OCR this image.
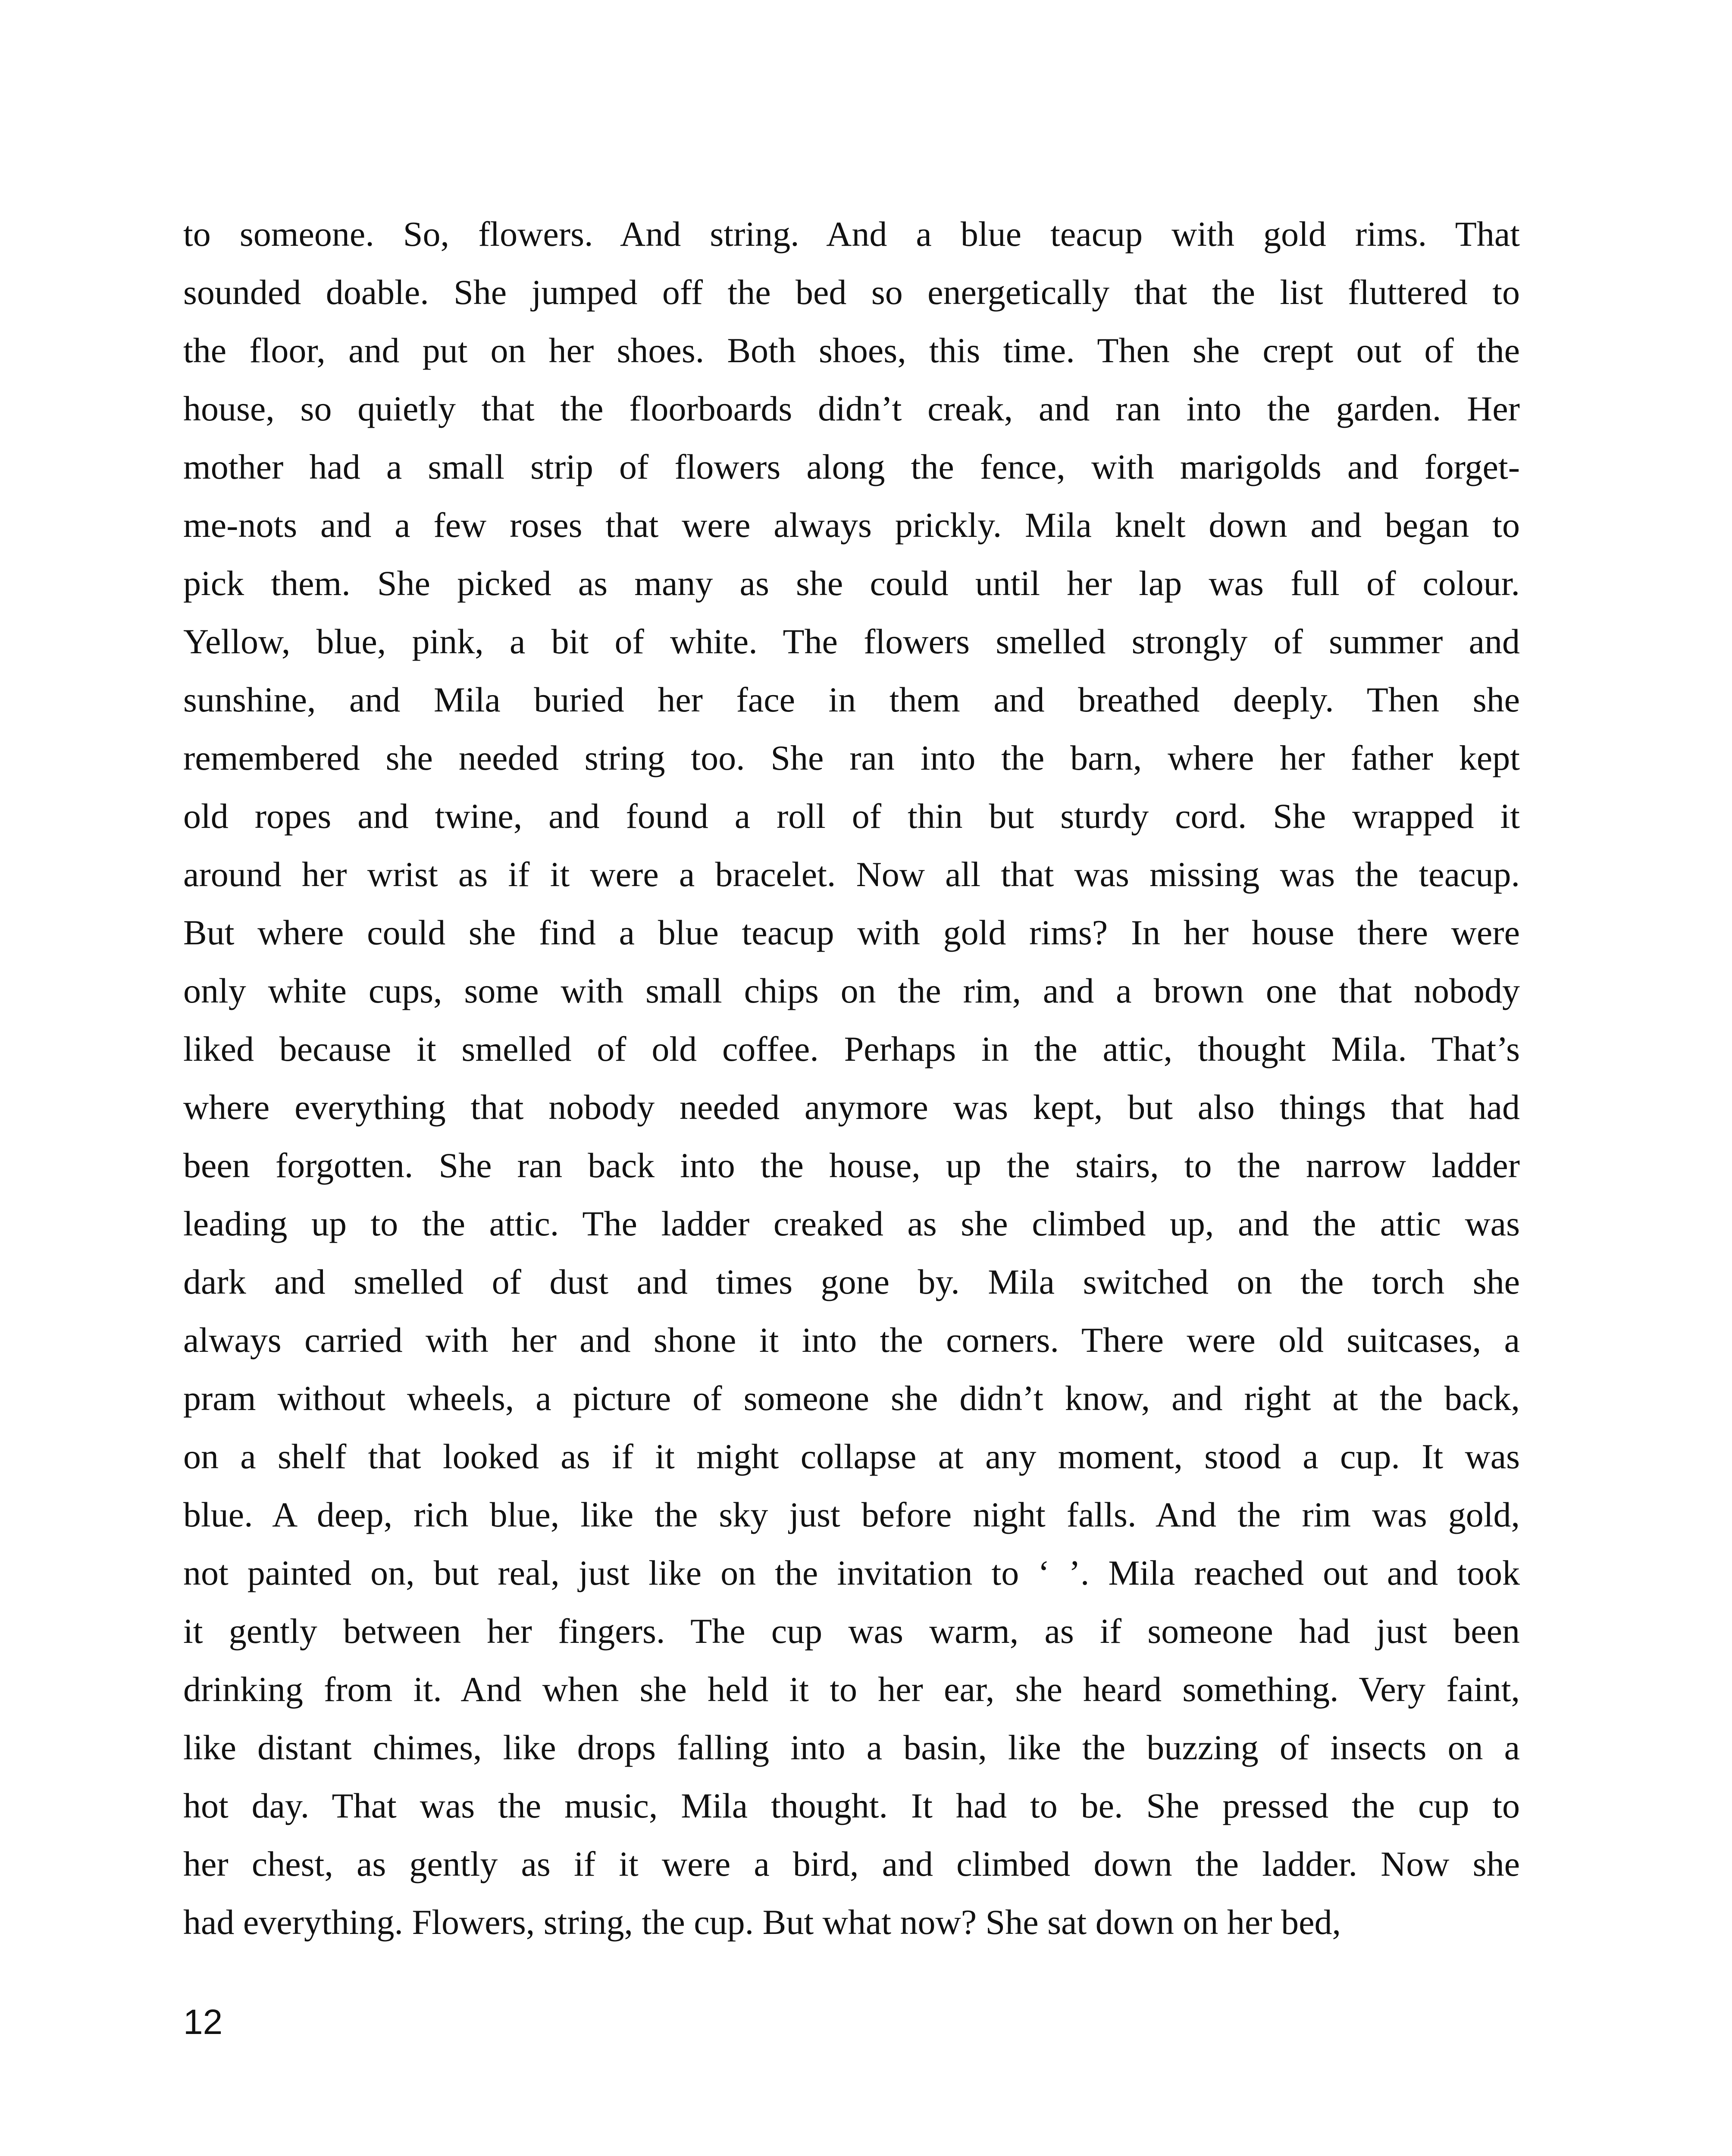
to someone. So, flowers. And string. And a blue teacup with gold rims. That
sounded doable. She jumped off the bed so energetically that the list fluttered to
the floor, and put on her shoes. Both shoes, this time. Then she crept out of the
house, so quietly that the floorboards didn’t creak, and ran into the garden. Her
mother had a small strip of flowers along the fence, with marigolds and forget-
me-nots and a few roses that were always prickly. Mila knelt down and began to
pick them. She picked as many as she could until her lap was full of colour.
Yellow, blue, pink, a bit of white. The flowers smelled strongly of summer and
sunshine, and Mila buried her face in them and breathed deeply. Then she
remembered she needed string too. She ran into the barn, where her father kept
old ropes and twine, and found a roll of thin but sturdy cord. She wrapped it
around her wrist as if it were a bracelet. Now all that was missing was the teacup.
But where could she find a blue teacup with gold rims? In her house there were
only white cups, some with small chips on the rim, and a brown one that nobody
liked because it smelled of old coffee. Perhaps in the attic, thought Mila. That’s
where everything that nobody needed anymore was kept, but also things that had
been forgotten. She ran back into the house, up the stairs, to the narrow ladder
leading up to the attic. The ladder creaked as she climbed up, and the attic was
dark and smelled of dust and times gone by. Mila switched on the torch she
always carried with her and shone it into the corners. There were old suitcases, a
pram without wheels, a picture of someone she didn’t know, and right at the back,
on a shelf that looked as if it might collapse at any moment, stood a cup. It was
blue. A deep, rich blue, like the sky just before night falls. And the rim was gold,
not painted on, but real, just like on the invitation to ‘ ’. Mila reached out and took
it gently between her fingers. The cup was warm, as if someone had just been
drinking from it. And when she held it to her ear, she heard something. Very faint,
like distant chimes, like drops falling into a basin, like the buzzing of insects on a
hot day. That was the music, Mila thought. It had to be. She pressed the cup to
her chest, as gently as if it were a bird, and climbed down the ladder. Now she
had everything. Flowers, string, the cup. But what now? She sat down on her bed,
12
